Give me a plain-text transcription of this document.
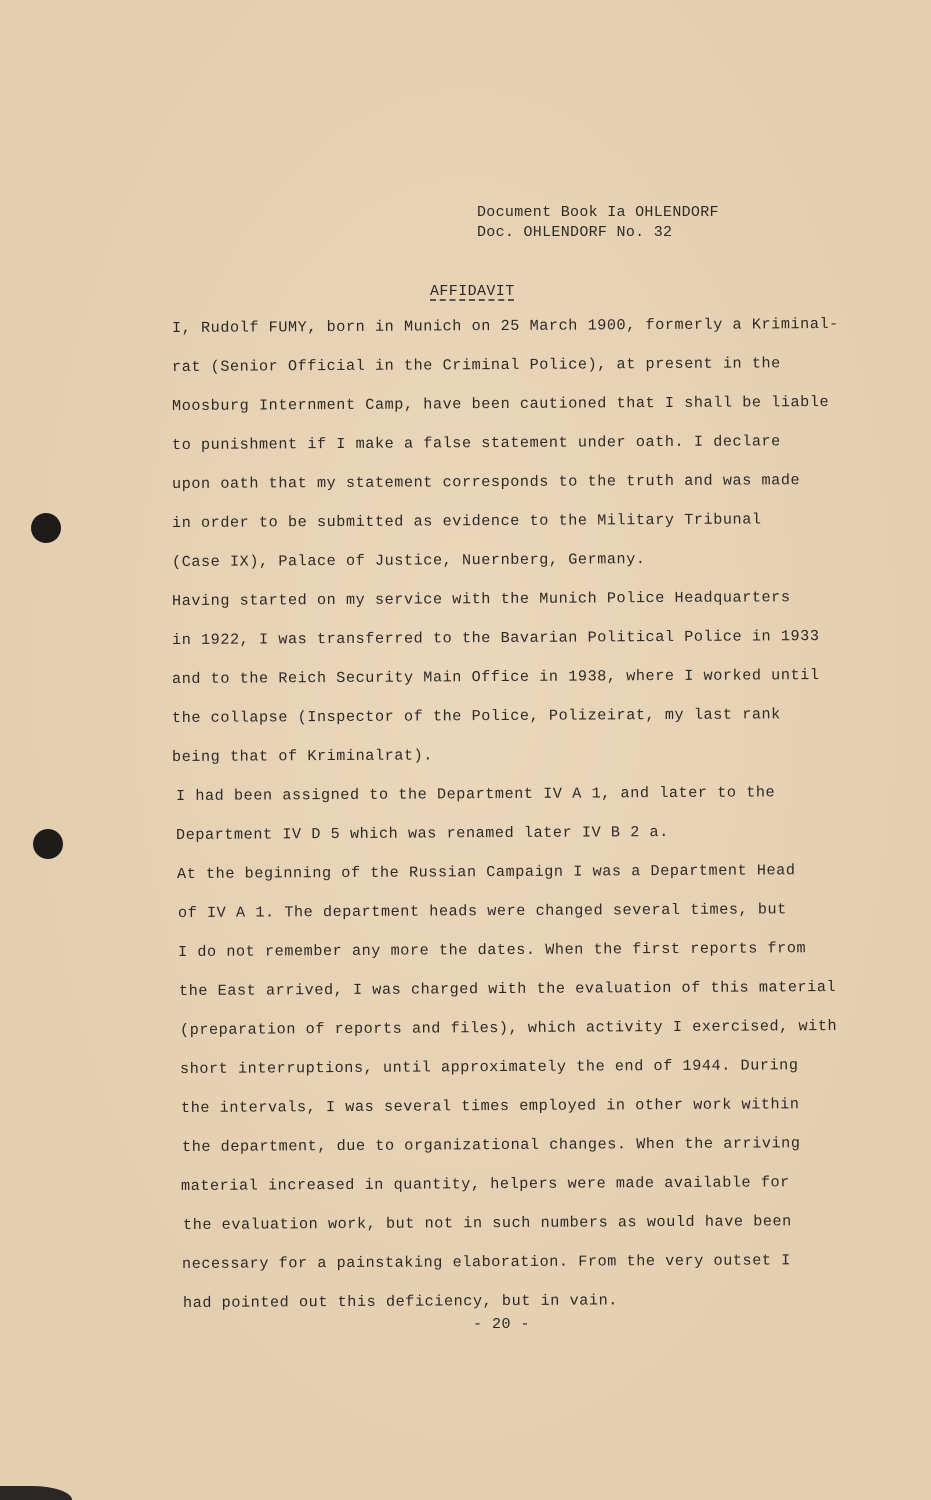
Document Book Ia OHLENDORF
Doc. OHLENDORF No. 32
AFFIDAVIT
I, Rudolf FUMY, born in Munich on 25 March 1900, formerly a Kriminal-
rat (Senior Official in the Criminal Police), at present in the
Moosburg Internment Camp, have been cautioned that I shall be liable
to punishment if I make a false statement under oath. I declare
upon oath that my statement corresponds to the truth and was made
in order to be submitted as evidence to the Military Tribunal
(Case IX), Palace of Justice, Nuernberg, Germany.
Having started on my service with the Munich Police Headquarters
in 1922, I was transferred to the Bavarian Political Police in 1933
and to the Reich Security Main Office in 1938, where I worked until
the collapse (Inspector of the Police, Polizeirat, my last rank
being that of Kriminalrat).
I had been assigned to the Department IV A 1, and later to the
Department IV D 5 which was renamed later IV B 2 a.
At the beginning of the Russian Campaign I was a Department Head
of IV A 1. The department heads were changed several times, but
I do not remember any more the dates. When the first reports from
the East arrived, I was charged with the evaluation of this material
(preparation of reports and files), which activity I exercised, with
short interruptions, until approximately the end of 1944. During
the intervals, I was several times employed in other work within
the department, due to organizational changes. When the arriving
material increased in quantity, helpers were made available for
the evaluation work, but not in such numbers as would have been
necessary for a painstaking elaboration. From the very outset I
had pointed out this deficiency, but in vain.
- 20 -
